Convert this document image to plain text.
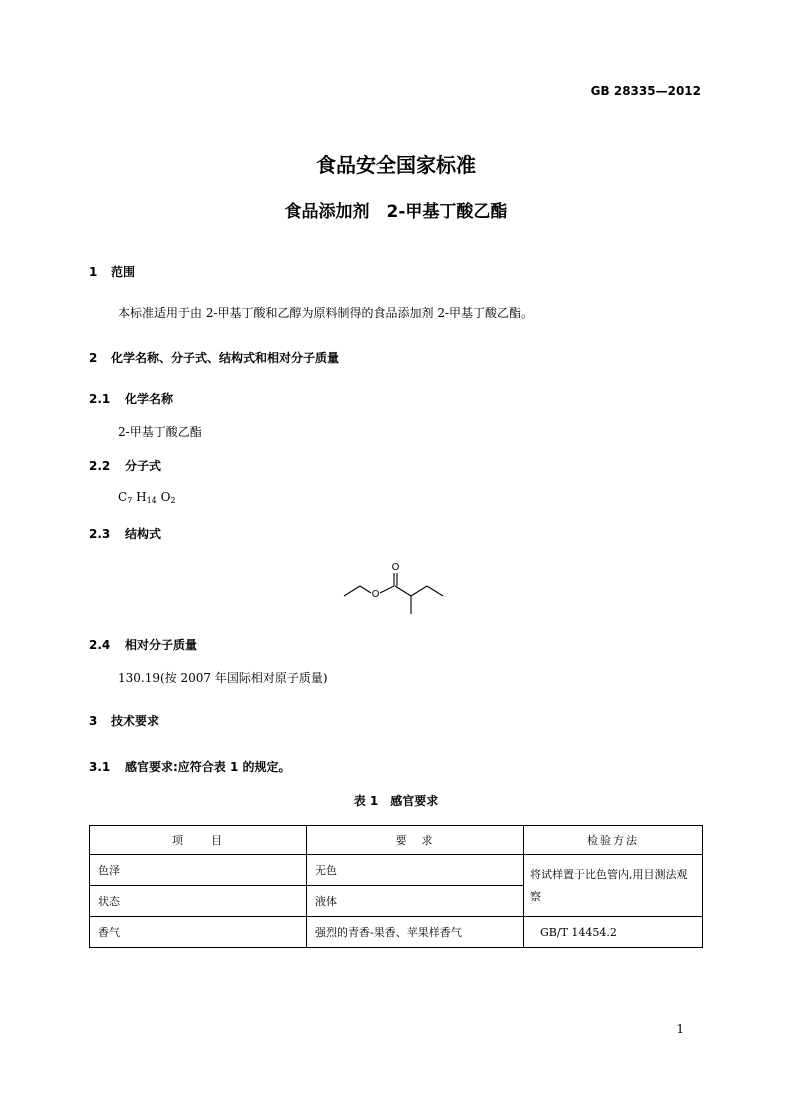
GB 28335—2012
食品安全国家标准
食品添加剂　2-甲基丁酸乙酯
1 范围
本标准适用于由 2-甲基丁酸和乙醇为原料制得的食品添加剂 2-甲基丁酸乙酯。
2 化学名称、分子式、结构式和相对分子质量
2.1 化学名称
2-甲基丁酸乙酯
2.2 分子式
$C_7$ $H_{14}$ $O_2$
2.3 结构式
O
O
2.4 相对分子质量
130.19(按 2007 年国际相对原子质量)
3 技术要求
3.1 感官要求:应符合表 1 的规定。
表 1　感官要求
项　　目	要　求	检验方法
色泽	无色	将试样置于比色管内,用目测法观察
状态	液体	
香气	强烈的青香-果香、苹果样香气	GB/T 14454.2
1
